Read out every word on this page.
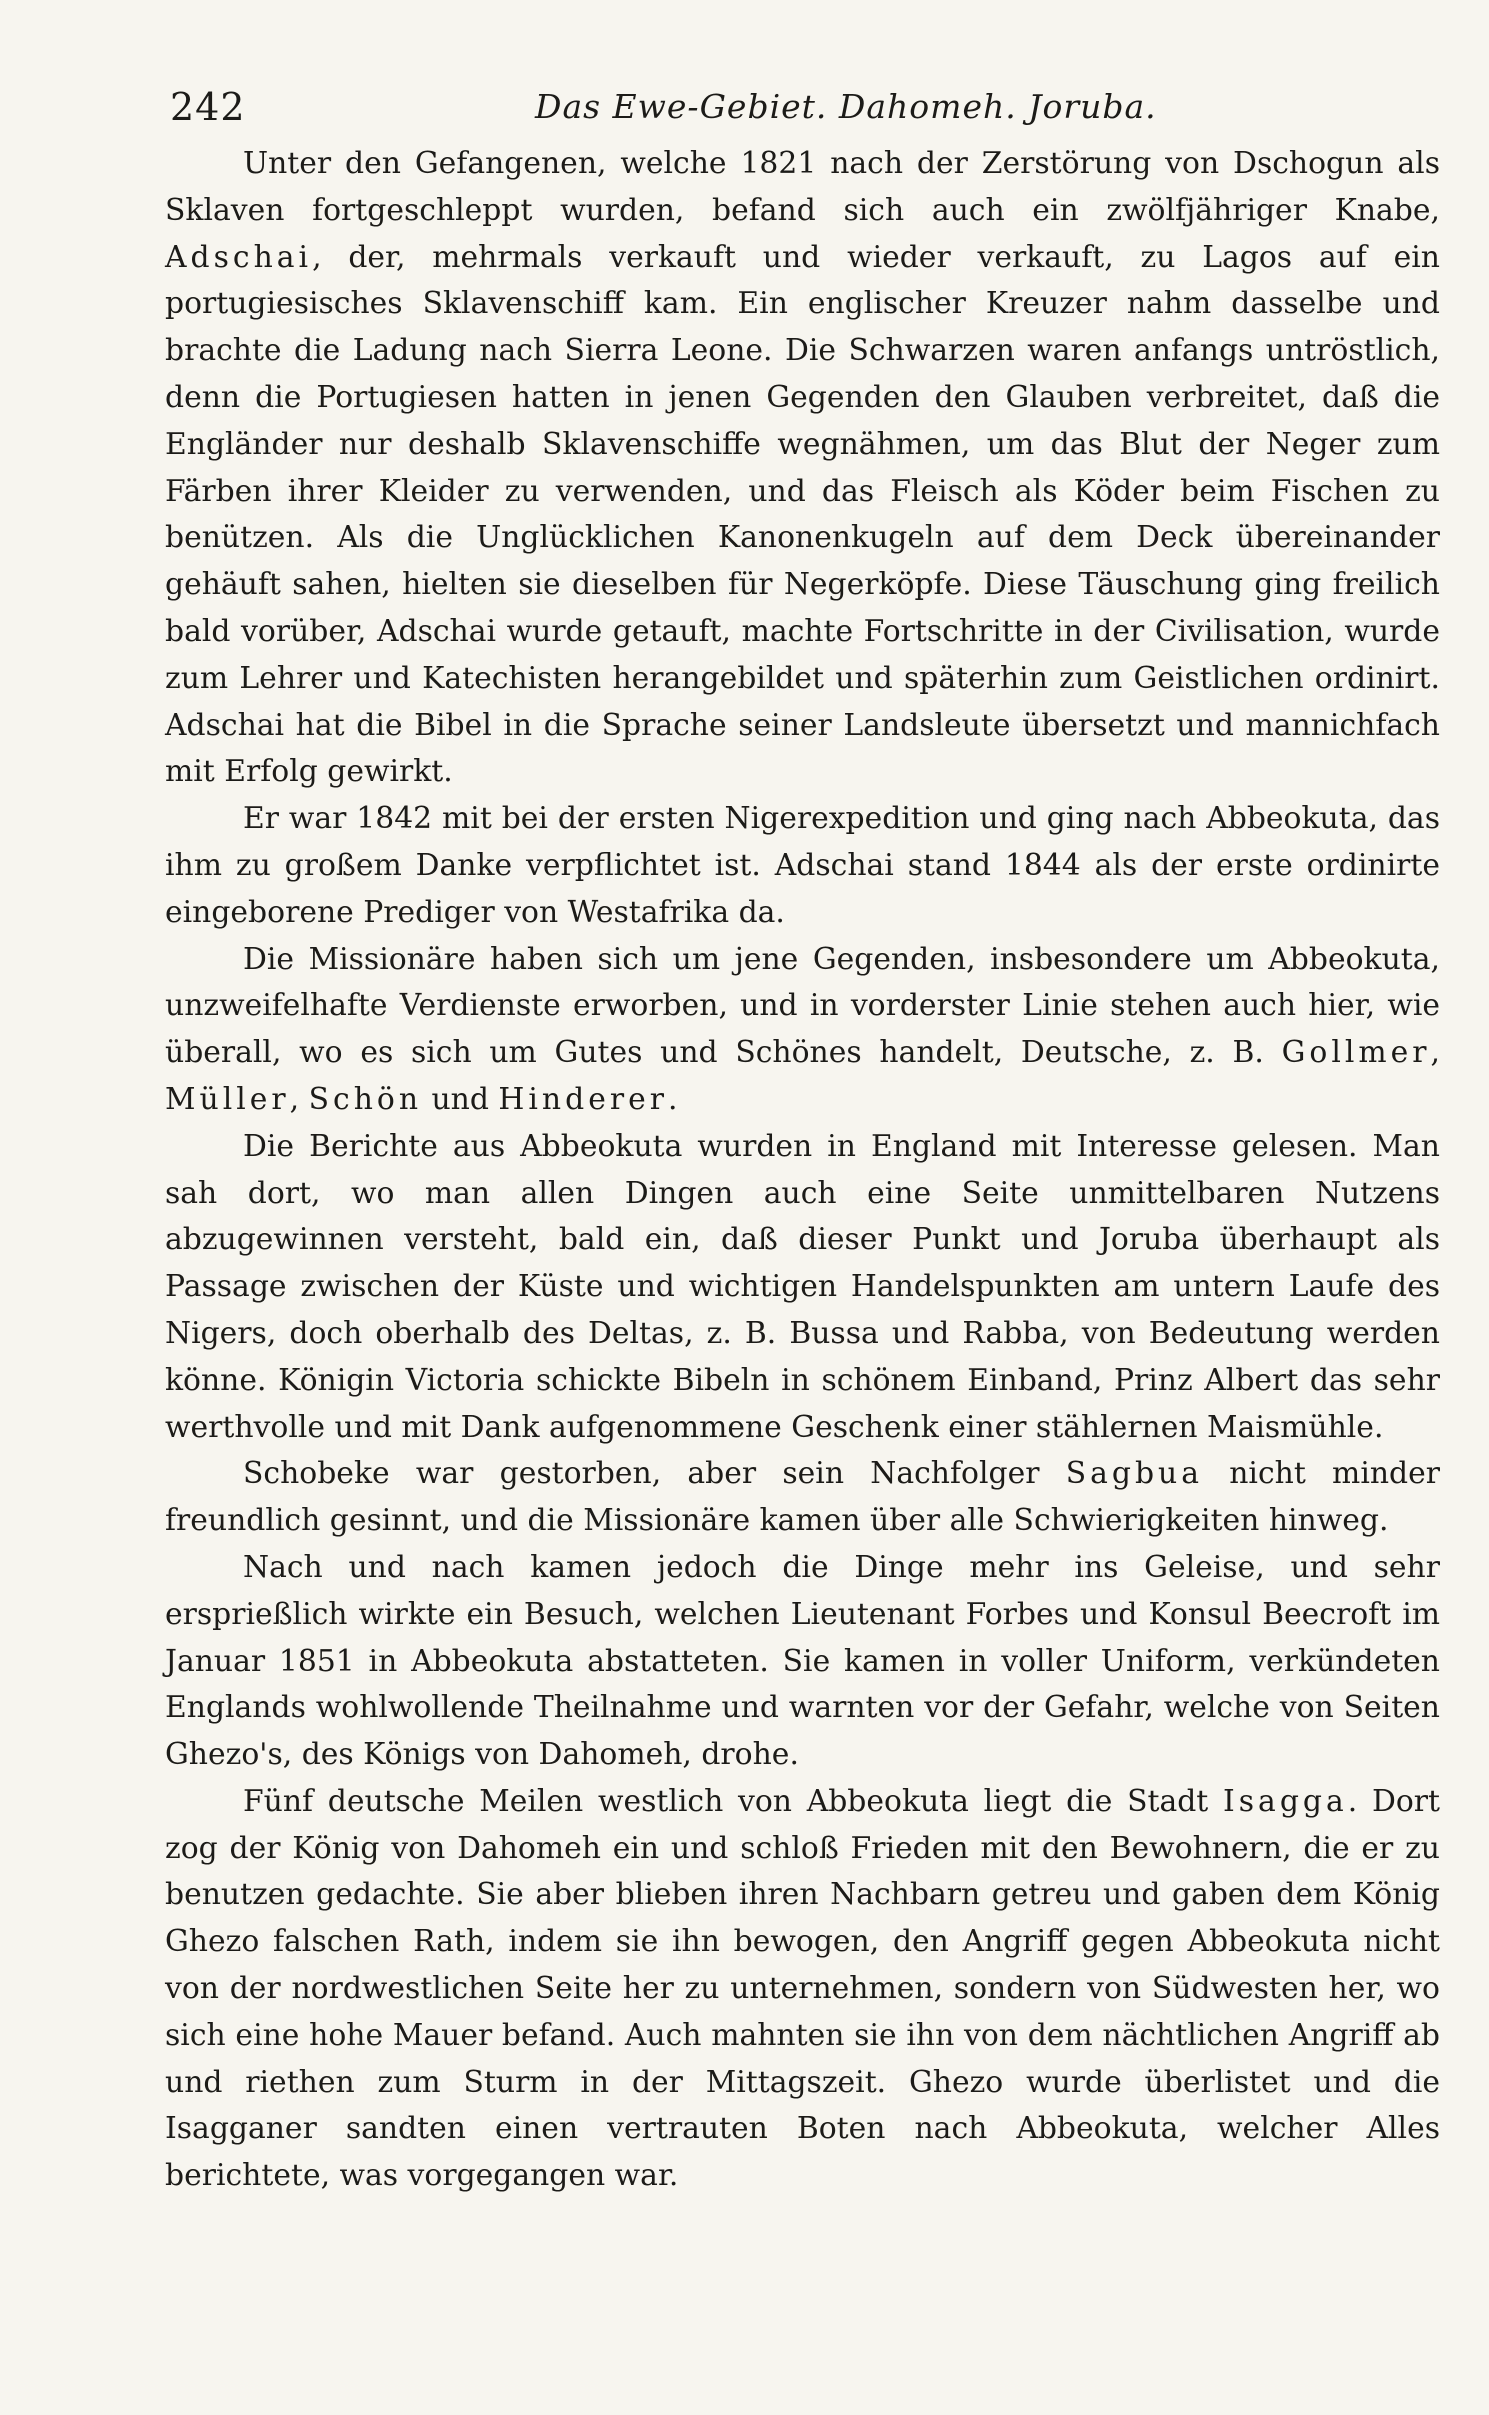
242	Das Ewe-Gebiet. Dahomeh. Joruba.

Unter den Gefangenen, welche 1821 nach der Zerstörung von Dschogun als Sklaven fortgeschleppt wurden, befand sich auch ein zwölfjähriger Knabe, Adschai, der, mehrmals verkauft und wieder verkauft, zu Lagos auf ein portugiesisches Sklavenschiff kam. Ein englischer Kreuzer nahm dasselbe und brachte die Ladung nach Sierra Leone. Die Schwarzen waren anfangs untröstlich, denn die Portugiesen hatten in jenen Gegenden den Glauben verbreitet, daß die Engländer nur deshalb Sklavenschiffe wegnähmen, um das Blut der Neger zum Färben ihrer Kleider zu verwenden, und das Fleisch als Köder beim Fischen zu benützen. Als die Unglücklichen Kanonenkugeln auf dem Deck übereinander gehäuft sahen, hielten sie dieselben für Negerköpfe. Diese Täuschung ging freilich bald vorüber, Adschai wurde getauft, machte Fortschritte in der Civilisation, wurde zum Lehrer und Katechisten herangebildet und späterhin zum Geistlichen ordinirt. Adschai hat die Bibel in die Sprache seiner Landsleute übersetzt und mannichfach mit Erfolg gewirkt.

Er war 1842 mit bei der ersten Nigerexpedition und ging nach Abbeokuta, das ihm zu großem Danke verpflichtet ist. Adschai stand 1844 als der erste ordinirte eingeborene Prediger von Westafrika da.

Die Missionäre haben sich um jene Gegenden, insbesondere um Abbeokuta, unzweifelhafte Verdienste erworben, und in vorderster Linie stehen auch hier, wie überall, wo es sich um Gutes und Schönes handelt, Deutsche, z. B. Gollmer, Müller, Schön und Hinderer.

Die Berichte aus Abbeokuta wurden in England mit Interesse gelesen. Man sah dort, wo man allen Dingen auch eine Seite unmittelbaren Nutzens abzugewinnen versteht, bald ein, daß dieser Punkt und Joruba überhaupt als Passage zwischen der Küste und wichtigen Handelspunkten am untern Laufe des Nigers, doch oberhalb des Deltas, z. B. Bussa und Rabba, von Bedeutung werden könne. Königin Victoria schickte Bibeln in schönem Einband, Prinz Albert das sehr werthvolle und mit Dank aufgenommene Geschenk einer stählernen Maismühle.

Schobeke war gestorben, aber sein Nachfolger Sagbua nicht minder freundlich gesinnt, und die Missionäre kamen über alle Schwierigkeiten hinweg.

Nach und nach kamen jedoch die Dinge mehr ins Geleise, und sehr ersprießlich wirkte ein Besuch, welchen Lieutenant Forbes und Konsul Beecroft im Januar 1851 in Abbeokuta abstatteten. Sie kamen in voller Uniform, verkündeten Englands wohlwollende Theilnahme und warnten vor der Gefahr, welche von Seiten Ghezo's, des Königs von Dahomeh, drohe.

Fünf deutsche Meilen westlich von Abbeokuta liegt die Stadt Isagga. Dort zog der König von Dahomeh ein und schloß Frieden mit den Bewohnern, die er zu benutzen gedachte. Sie aber blieben ihren Nachbarn getreu und gaben dem König Ghezo falschen Rath, indem sie ihn bewogen, den Angriff gegen Abbeokuta nicht von der nordwestlichen Seite her zu unternehmen, sondern von Südwesten her, wo sich eine hohe Mauer befand. Auch mahnten sie ihn von dem nächtlichen Angriff ab und riethen zum Sturm in der Mittagszeit. Ghezo wurde überlistet und die Isagganer sandten einen vertrauten Boten nach Abbeokuta, welcher Alles berichtete, was vorgegangen war.
